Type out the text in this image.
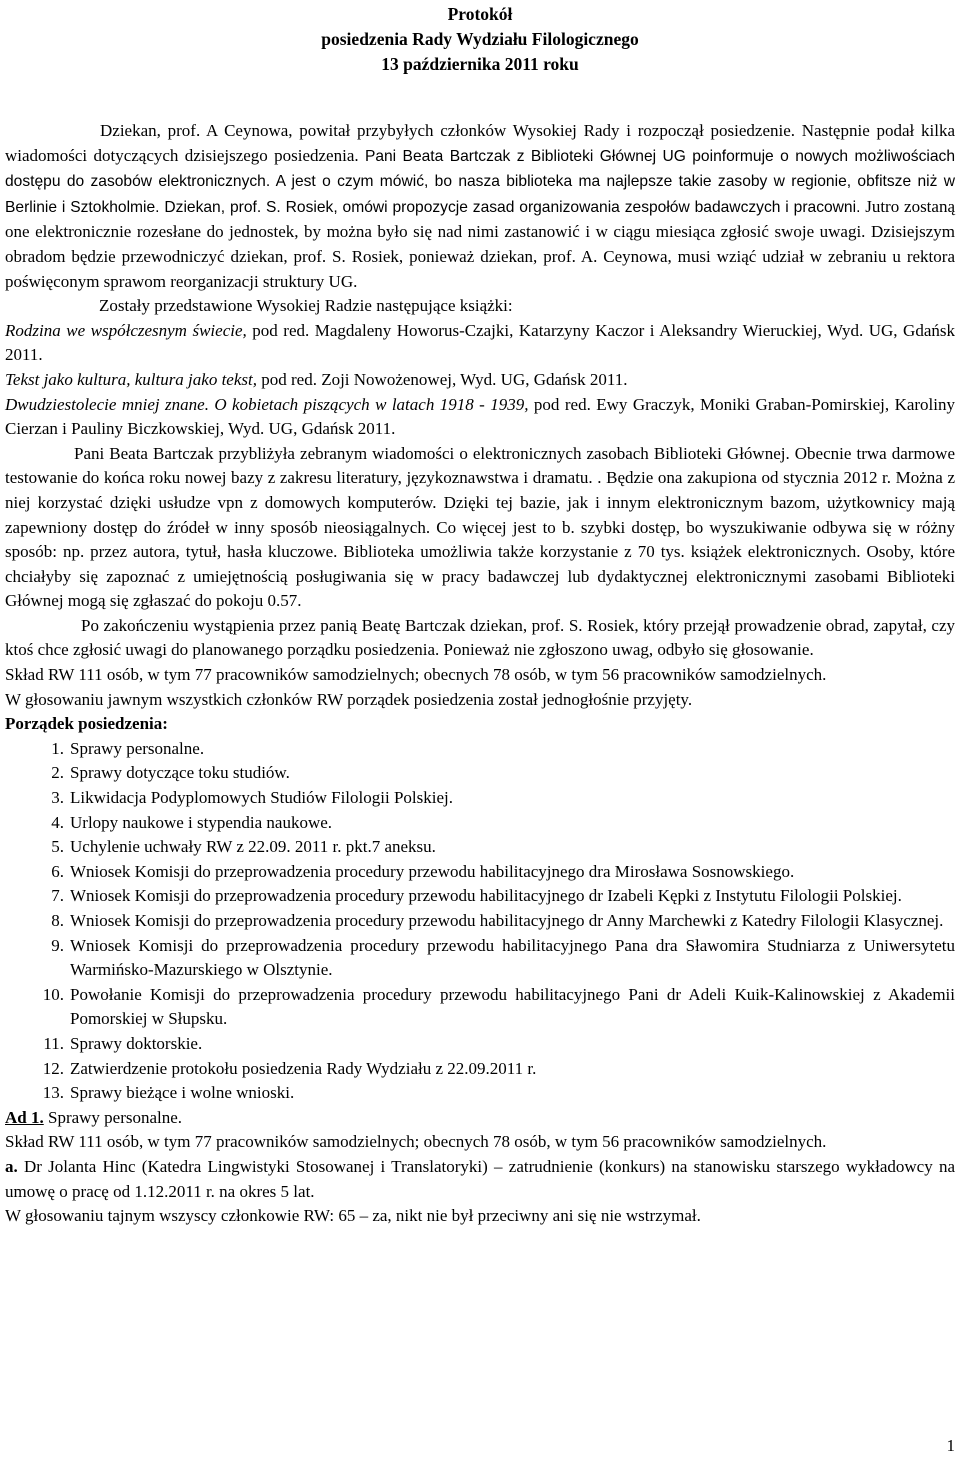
Protokół
posiedzenia Rady Wydziału Filologicznego
13 października 2011 roku

Dziekan, prof. A Ceynowa, powitał przybyłych członków Wysokiej Rady i rozpoczął posiedzenie. Następnie podał kilka wiadomości dotyczących dzisiejszego posiedzenia. Pani Beata Bartczak z Biblioteki Głównej UG poinformuje o nowych możliwościach dostępu do zasobów elektronicznych. A jest o czym mówić, bo nasza biblioteka ma najlepsze takie zasoby w regionie, obfitsze niż w Berlinie i Sztokholmie. Dziekan, prof. S. Rosiek, omówi propozycje zasad organizowania zespołów badawczych i pracowni. Jutro zostaną one elektronicznie rozesłane do jednostek, by można było się nad nimi zastanowić i w ciągu miesiąca zgłosić swoje uwagi. Dzisiejszym obradom będzie przewodniczyć dziekan, prof. S. Rosiek, ponieważ dziekan, prof. A. Ceynowa, musi wziąć udział w zebraniu u rektora poświęconym sprawom reorganizacji struktury UG.

Zostały przedstawione Wysokiej Radzie następujące książki:

Rodzina we współczesnym świecie, pod red. Magdaleny Howorus-Czajki, Katarzyny Kaczor i Aleksandry Wieruckiej, Wyd. UG, Gdańsk 2011.

Tekst jako kultura, kultura jako tekst, pod red. Zoji Nowożenowej, Wyd. UG, Gdańsk 2011.

Dwudziestolecie mniej znane. O kobietach piszących w latach 1918 - 1939, pod red. Ewy Graczyk, Moniki Graban-Pomirskiej, Karoliny Cierzan i Pauliny Biczkowskiej, Wyd. UG, Gdańsk 2011.

Pani Beata Bartczak przybliżyła zebranym wiadomości o elektronicznych zasobach Biblioteki Głównej. Obecnie trwa darmowe testowanie do końca roku nowej bazy z zakresu literatury, językoznawstwa i dramatu. . Będzie ona zakupiona od stycznia 2012 r. Można z niej korzystać dzięki usłudze vpn z domowych komputerów. Dzięki tej bazie, jak i innym elektronicznym bazom, użytkownicy mają zapewniony dostęp do źródeł w inny sposób nieosiągalnych. Co więcej jest to b. szybki dostęp, bo wyszukiwanie odbywa się w różny sposób: np. przez autora, tytuł, hasła kluczowe. Biblioteka umożliwia także korzystanie z 70 tys. książek elektronicznych. Osoby, które chciałyby się zapoznać z umiejętnością posługiwania się w pracy badawczej lub dydaktycznej elektronicznymi zasobami Biblioteki Głównej mogą się zgłaszać do pokoju 0.57.

Po zakończeniu wystąpienia przez panią Beatę Bartczak dziekan, prof. S. Rosiek, który przejął prowadzenie obrad, zapytał, czy ktoś chce zgłosić uwagi do planowanego porządku posiedzenia. Ponieważ nie zgłoszono uwag, odbyło się głosowanie.

Skład RW 111 osób, w tym 77 pracowników samodzielnych; obecnych 78 osób, w tym 56 pracowników samodzielnych.

W głosowaniu jawnym wszystkich członków RW porządek posiedzenia został jednogłośnie przyjęty.

Porządek posiedzenia:
1. Sprawy personalne.
2. Sprawy dotyczące toku studiów.
3. Likwidacja Podyplomowych Studiów Filologii Polskiej.
4. Urlopy naukowe i stypendia naukowe.
5. Uchylenie uchwały RW z 22.09. 2011 r. pkt.7 aneksu.
6. Wniosek Komisji do przeprowadzenia procedury przewodu habilitacyjnego dra Mirosława Sosnowskiego.
7. Wniosek Komisji do przeprowadzenia procedury przewodu habilitacyjnego dr Izabeli Kępki z Instytutu Filologii Polskiej.
8. Wniosek Komisji do przeprowadzenia procedury przewodu habilitacyjnego dr Anny Marchewki z Katedry Filologii Klasycznej.
9. Wniosek Komisji do przeprowadzenia procedury przewodu habilitacyjnego Pana dra Sławomira Studniarza z Uniwersytetu Warmińsko-Mazurskiego w Olsztynie.
10. Powołanie Komisji do przeprowadzenia procedury przewodu habilitacyjnego Pani dr Adeli Kuik-Kalinowskiej z Akademii Pomorskiej w Słupsku.
11. Sprawy doktorskie.
12. Zatwierdzenie protokołu posiedzenia Rady Wydziału z 22.09.2011 r.
13. Sprawy bieżące i wolne wnioski.

Ad 1. Sprawy personalne.

Skład RW 111 osób, w tym 77 pracowników samodzielnych; obecnych 78 osób, w tym 56 pracowników samodzielnych.

a. Dr Jolanta Hinc (Katedra Lingwistyki Stosowanej i Translatoryki) – zatrudnienie (konkurs) na stanowisku starszego wykładowcy na umowę o pracę od 1.12.2011 r. na okres 5 lat.

W głosowaniu tajnym wszyscy członkowie RW: 65 – za, nikt nie był przeciwny ani się nie wstrzymał.

1
